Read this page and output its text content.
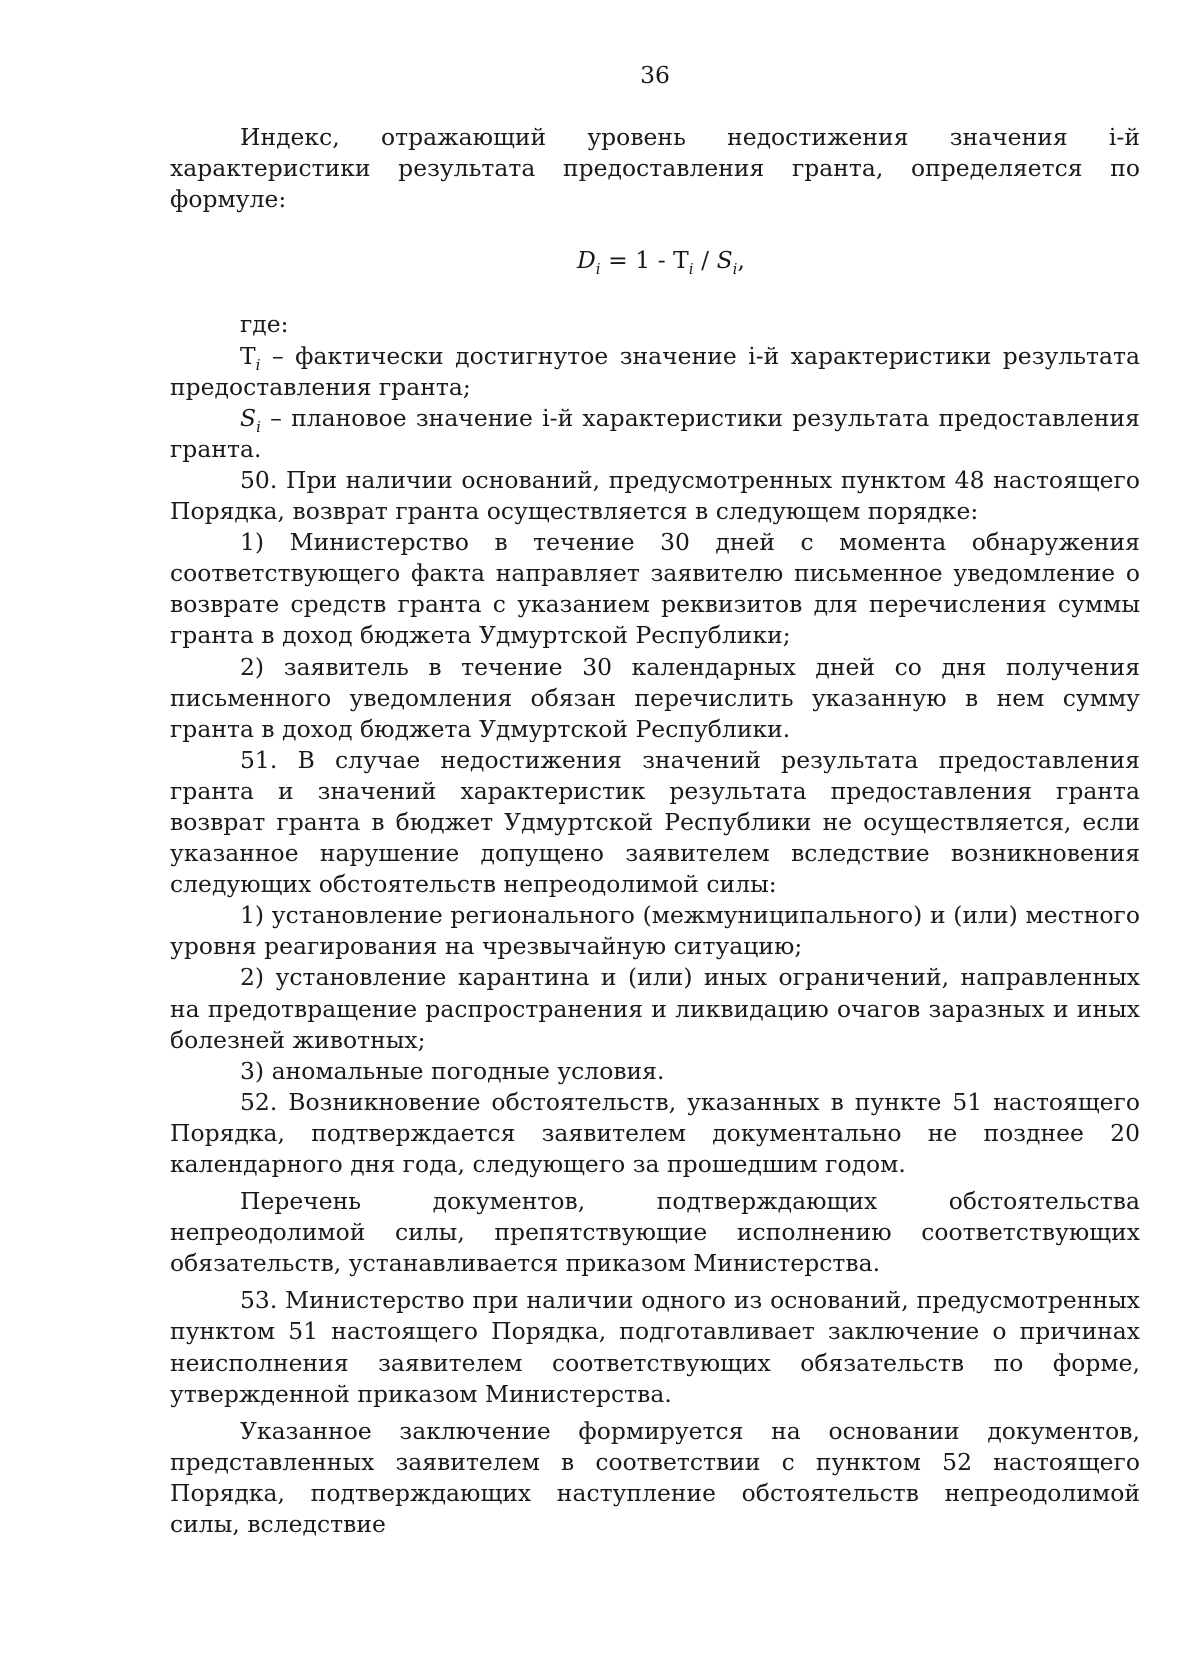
36

Индекс, отражающий уровень недостижения значения i-й характеристики результата предоставления гранта, определяется по формуле:

$D_i = 1 - T_i / S_i$,

где:

$T_i$ – фактически достигнутое значение i-й характеристики результата предоставления гранта;

$S_i$ – плановое значение i-й характеристики результата предоставления гранта.

50. При наличии оснований, предусмотренных пунктом 48 настоящего Порядка, возврат гранта осуществляется в следующем порядке:

1) Министерство в течение 30 дней с момента обнаружения соответствующего факта направляет заявителю письменное уведомление о возврате средств гранта с указанием реквизитов для перечисления суммы гранта в доход бюджета Удмуртской Республики;

2) заявитель в течение 30 календарных дней со дня получения письменного уведомления обязан перечислить указанную в нем сумму гранта в доход бюджета Удмуртской Республики.

51. В случае недостижения значений результата предоставления гранта и значений характеристик результата предоставления гранта возврат гранта в бюджет Удмуртской Республики не осуществляется, если указанное нарушение допущено заявителем вследствие возникновения следующих обстоятельств непреодолимой силы:

1) установление регионального (межмуниципального) и (или) местного уровня реагирования на чрезвычайную ситуацию;

2) установление карантина и (или) иных ограничений, направленных на предотвращение распространения и ликвидацию очагов заразных и иных болезней животных;

3) аномальные погодные условия.

52. Возникновение обстоятельств, указанных в пункте 51 настоящего Порядка, подтверждается заявителем документально не позднее 20 календарного дня года, следующего за прошедшим годом.

Перечень документов, подтверждающих обстоятельства непреодолимой силы, препятствующие исполнению соответствующих обязательств, устанавливается приказом Министерства.

53. Министерство при наличии одного из оснований, предусмотренных пунктом 51 настоящего Порядка, подготавливает заключение о причинах неисполнения заявителем соответствующих обязательств по форме, утвержденной приказом Министерства.

Указанное заключение формируется на основании документов, представленных заявителем в соответствии с пунктом 52 настоящего Порядка, подтверждающих наступление обстоятельств непреодолимой силы, вследствие
